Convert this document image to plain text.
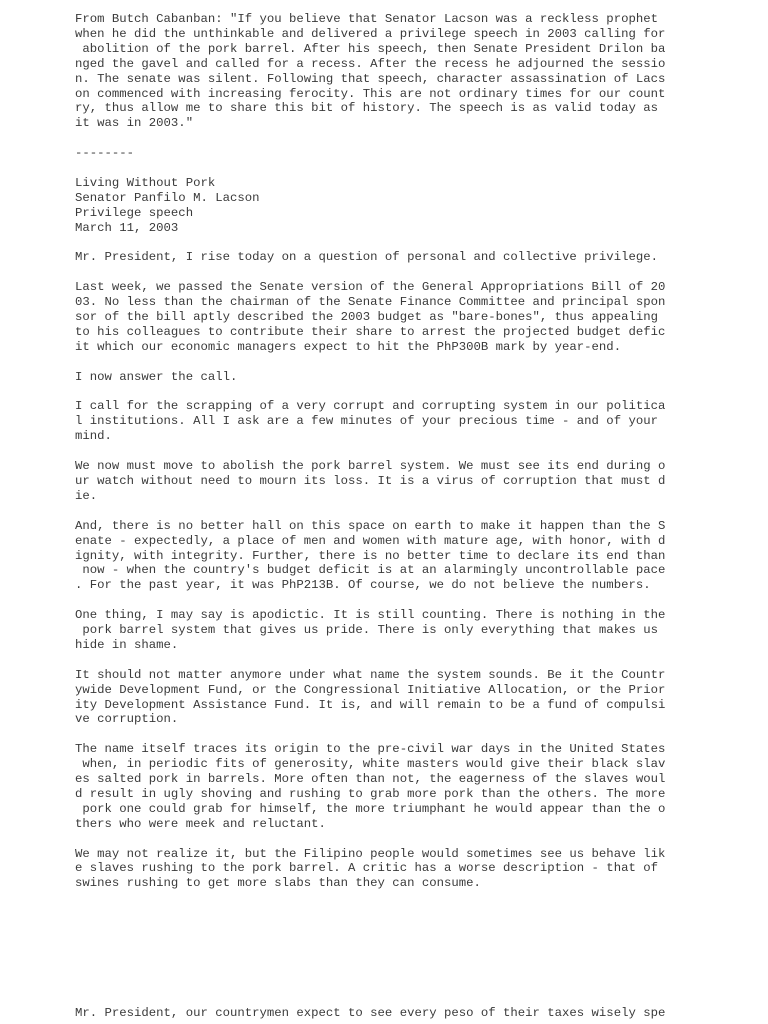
From Butch Cabanban: "If you believe that Senator Lacson was a reckless prophet
when he did the unthinkable and delivered a privilege speech in 2003 calling for
abolition of the pork barrel. After his speech, then Senate President Drilon ba
nged the gavel and called for a recess. After the recess he adjourned the sessio
n. The senate was silent. Following that speech, character assassination of Lacs
on commenced with increasing ferocity. This are not ordinary times for our count
ry, thus allow me to share this bit of history. The speech is as valid today as
it was in 2003."
--------
Living Without Pork
Senator Panfilo M. Lacson
Privilege speech
March 11, 2003
Mr. President, I rise today on a question of personal and collective privilege.
Last week, we passed the Senate version of the General Appropriations Bill of 20
03. No less than the chairman of the Senate Finance Committee and principal spon
sor of the bill aptly described the 2003 budget as "bare-bones", thus appealing
to his colleagues to contribute their share to arrest the projected budget defic
it which our economic managers expect to hit the PhP300B mark by year-end.
I now answer the call.
I call for the scrapping of a very corrupt and corrupting system in our politica
l institutions. All I ask are a few minutes of your precious time - and of your
mind.
We now must move to abolish the pork barrel system. We must see its end during o
ur watch without need to mourn its loss. It is a virus of corruption that must d
ie.
And, there is no better hall on this space on earth to make it happen than the S
enate - expectedly, a place of men and women with mature age, with honor, with d
ignity, with integrity. Further, there is no better time to declare its end than
now - when the country's budget deficit is at an alarmingly uncontrollable pace
. For the past year, it was PhP213B. Of course, we do not believe the numbers.
One thing, I may say is apodictic. It is still counting. There is nothing in the
pork barrel system that gives us pride. There is only everything that makes us
hide in shame.
It should not matter anymore under what name the system sounds. Be it the Countr
ywide Development Fund, or the Congressional Initiative Allocation, or the Prior
ity Development Assistance Fund. It is, and will remain to be a fund of compulsi
ve corruption.
The name itself traces its origin to the pre-civil war days in the United States
when, in periodic fits of generosity, white masters would give their black slav
es salted pork in barrels. More often than not, the eagerness of the slaves woul
d result in ugly shoving and rushing to grab more pork than the others. The more
pork one could grab for himself, the more triumphant he would appear than the o
thers who were meek and reluctant.
We may not realize it, but the Filipino people would sometimes see us behave lik
e slaves rushing to the pork barrel. A critic has a worse description - that of
swines rushing to get more slabs than they can consume.
Mr. President, our countrymen expect to see every peso of their taxes wisely spe
